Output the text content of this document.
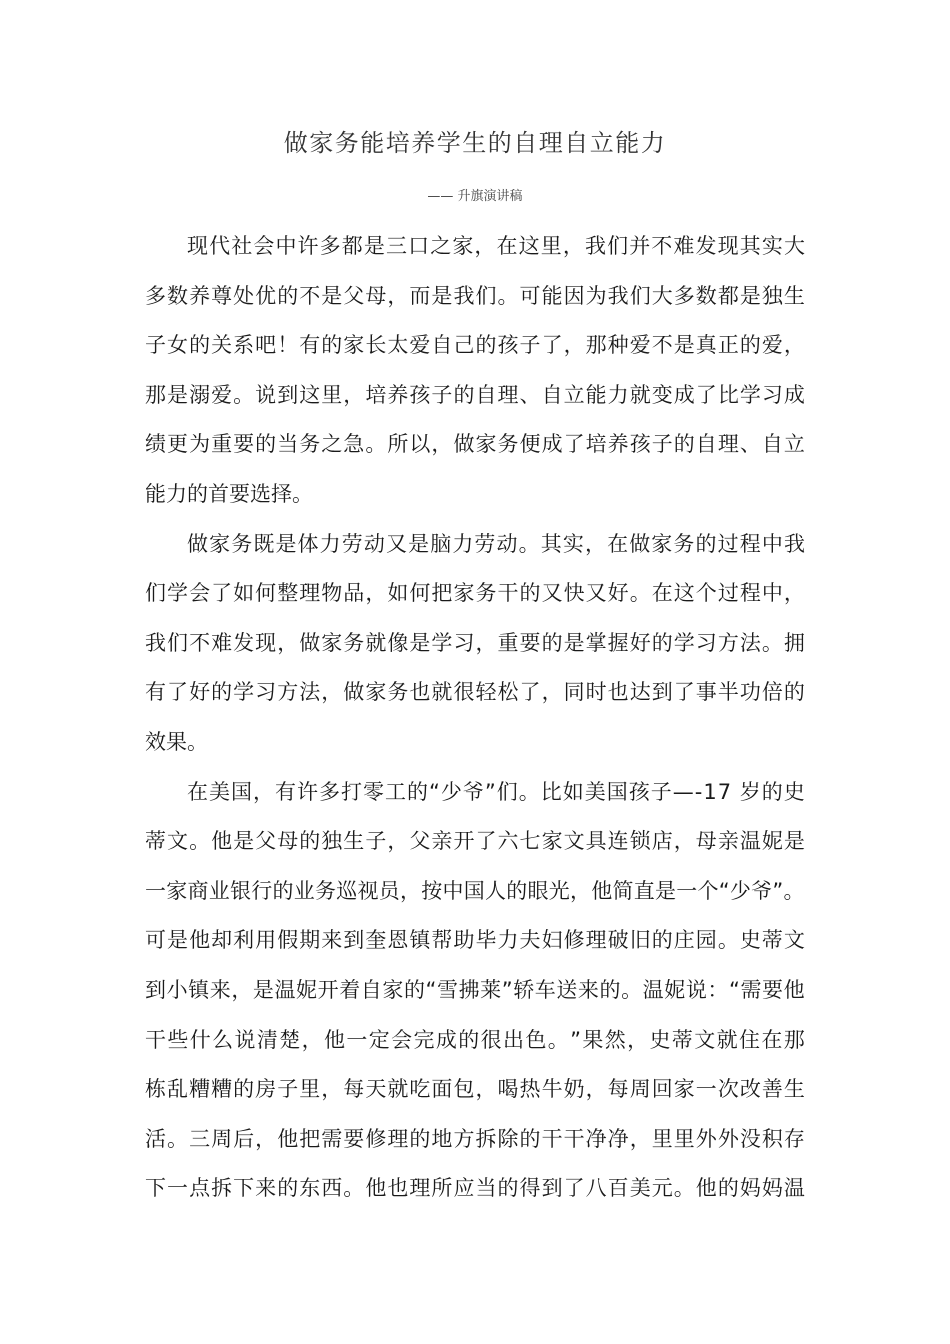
做家务能培养学生的自理自立能力
—— 升旗演讲稿
现 代 社 会 中 许 多 都 是 三 口 之 家 ， 在 这 里 ， 我 们 并 不 难 发 现 其 实 大
多 数 养 尊 处 优 的 不 是 父 母 ， 而 是 我 们 。 可 能 因 为 我 们 大 多 数 都 是 独 生
子 女 的 关 系 吧 ！ 有 的 家 长 太 爱 自 己 的 孩 子 了 ， 那 种 爱 不 是 真 正 的 爱 ，
那 是 溺 爱 。 说 到 这 里 ， 培 养 孩 子 的 自 理 、 自 立 能 力 就 变 成 了 比 学 习 成
绩 更 为 重 要 的 当 务 之 急 。 所 以 ， 做 家 务 便 成 了 培 养 孩 子 的 自 理 、 自 立
能力的首要选择。
做 家 务 既 是 体 力 劳 动 又 是 脑 力 劳 动 。 其 实 ， 在 做 家 务 的 过 程 中 我
们 学 会 了 如 何 整 理 物 品 ， 如 何 把 家 务 干 的 又 快 又 好 。 在 这 个 过 程 中 ，
我 们 不 难 发 现 ， 做 家 务 就 像 是 学 习 ， 重 要 的 是 掌 握 好 的 学 习 方 法 。 拥
有 了 好 的 学 习 方 法 ， 做 家 务 也 就 很 轻 松 了 ， 同 时 也 达 到 了 事 半 功 倍 的
效果。
在 美 国 ， 有 许 多 打 零 工 的 “ 少 爷 ” 们 。 比 如 美 国 孩 子 — - 1 7
岁 的 史
蒂 文 。 他 是 父 母 的 独 生 子 ， 父 亲 开 了 六 七 家 文 具 连 锁 店 ， 母 亲 温 妮 是
一 家 商 业 银 行 的 业 务 巡 视 员 ， 按 中 国 人 的 眼 光 ， 他 简 直 是 一 个 “ 少 爷 ” 。
可 是 他 却 利 用 假 期 来 到 奎 恩 镇 帮 助 毕 力 夫 妇 修 理 破 旧 的 庄 园 。 史 蒂 文
到 小 镇 来 ， 是 温 妮 开 着 自 家 的 “ 雪 拂 莱 ” 轿 车 送 来 的 。 温 妮 说 ： “ 需 要 他
干 些 什 么 说 清 楚 ， 他 一 定 会 完 成 的 很 出 色 。 ” 果 然 ， 史 蒂 文 就 住 在 那
栋 乱 糟 糟 的 房 子 里 ， 每 天 就 吃 面 包 ， 喝 热 牛 奶 ， 每 周 回 家 一 次 改 善 生
活 。 三 周 后 ， 他 把 需 要 修 理 的 地 方 拆 除 的 干 干 净 净 ， 里 里 外 外 没 积 存
下 一 点 拆 下 来 的 东 西 。 他 也 理 所 应 当 的 得 到 了 八 百 美 元 。 他 的 妈 妈 温
